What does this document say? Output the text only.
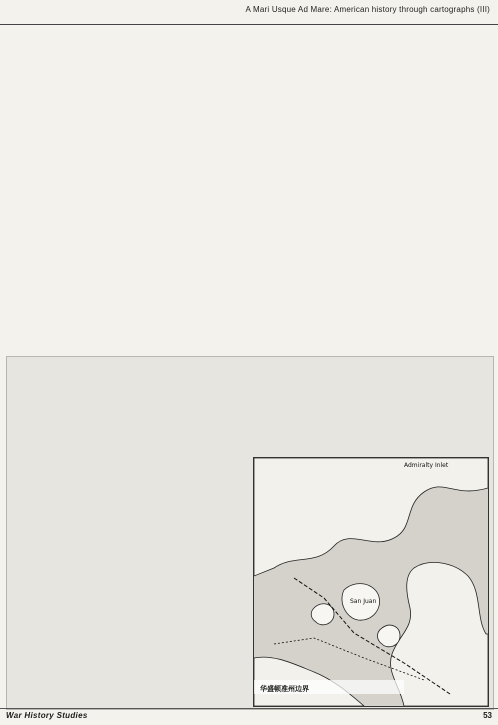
A Mari Usque Ad Mare: American history through cartographs (III)

Admiralty Inlet
San Juan
华盛顿准州边界
War History Studies	53
